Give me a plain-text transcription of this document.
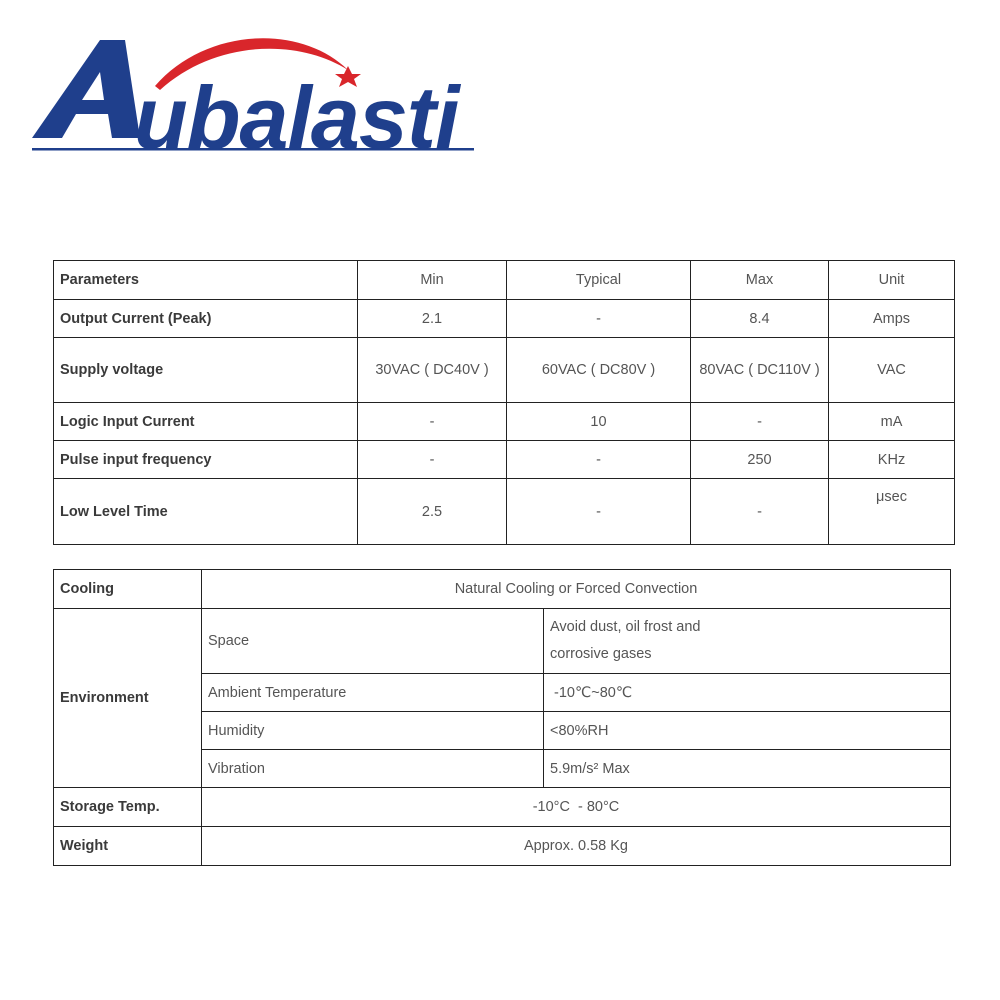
ubalasti
Parameters	Min	Typical	Max	Unit
Output Current (Peak)	2.1	-	8.4	Amps
Supply voltage	30VAC ( DC40V )	60VAC ( DC80V )	80VAC ( DC110V )	VAC
Logic Input Current	-	10	-	mA
Pulse input frequency	-	-	250	KHz
Low Level Time	2.5	-	-	μsec
Cooling	Natural Cooling or Forced Convection	
Environment	Space	Avoid dust, oil frost and
corrosive gases

	Ambient Temperature	-10℃~80℃
	Humidity	<80%RH
	Vibration	5.9m/s² Max
Storage Temp.	-10°C  - 80°C	
Weight	Approx. 0.58 Kg	
